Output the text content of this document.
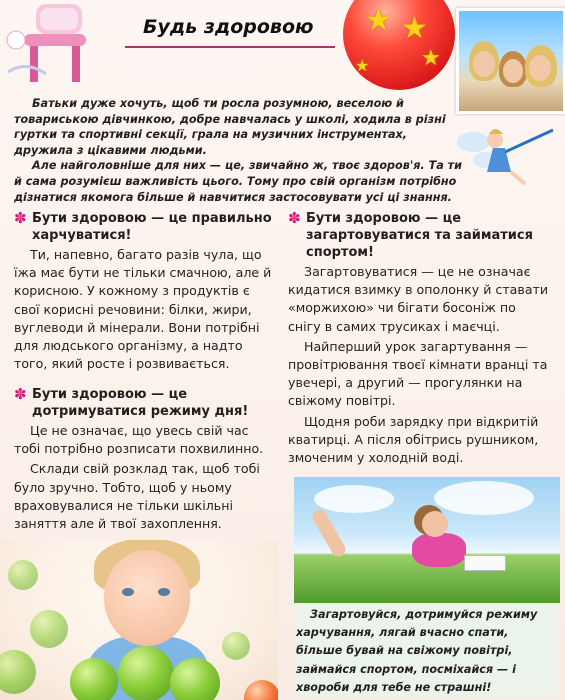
Будь здоровою ★ ★
★
★

Батьки дуже хочуть, щоб ти росла розумною, веселою й товариською дівчинкою, добре навчалась у школі, ходила в різні гуртки та спортивні секції, грала на музичних інструментах, дружила з цікавими людьми.

Але найголовніше для них — це, звичайно ж, твоє здоров'я. Та ти й сама розумієш важливість цього. Тому про свій організм потрібно дізнатися якомога більше й навчитися застосовувати усі ці знання.

✽ Бути здоровою — це правильно харчуватися!

Ти, напевно, багато разів чула, що їжа має бути не тільки смачною, але й корисною. У кожному з продуктів є свої корисні речовини: білки, жири, вуглеводи й мінерали. Вони потрібні для людського організму, а надто того, який росте і розвивається.

✽ Бути здоровою — це дотримуватися режиму дня!

Це не означає, що увесь свій час тобі потрібно розписати похвилинно.

Склади свій розклад так, щоб тобі було зручно. Тобто, щоб у ньому враховувалися не тільки шкільні заняття але й твої захоплення.

✽ Бути здоровою — це загартовуватися та займатися спортом!

Загартовуватися — це не означає кидатися взимку в ополонку й ставати «моржихою» чи бігати босоніж по снігу в самих трусиках і маєчці.

Найперший урок загартування — провітрювання твоєї кімнати вранці та увечері, а другий — прогулянки на свіжому повітрі.

Щодня роби зарядку при відкритій кватирці. А після обітрись рушником, змоченим у холодній воді.

Загартовуйся, дотримуйся режиму харчування, лягай вчасно спати, більше бувай на свіжому повітрі, займайся спортом, посміхайся — і хвороби для тебе не страшні!
